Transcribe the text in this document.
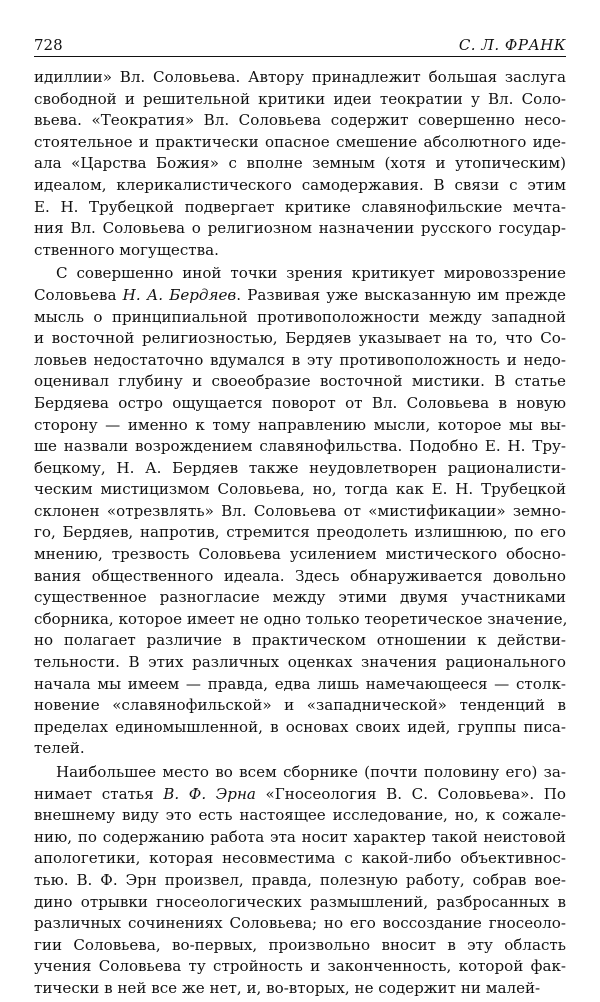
728	С. Л. ФРАНК
идиллии» Вл. Соловьева. Автору принадлежит большая заслуга
свободной и решительной критики идеи теократии у Вл. Соло-
вьева. «Теократия» Вл. Соловьева содержит совершенно несо-
стоятельное и практически опасное смешение абсолютного иде-
ала «Царства Божия» с вполне земным (хотя и утопическим)
идеалом, клерикалистического самодержавия. В связи с этим
Е. Н. Трубецкой подвергает критике славянофильские мечта-
ния Вл. Соловьева о религиозном назначении русского государ-
ственного могущества.
С совершенно иной точки зрения критикует мировоззрение
Соловьева Н. А. Бердяев. Развивая уже высказанную им прежде
мысль о принципиальной противоположности между западной
и восточной религиозностью, Бердяев указывает на то, что Со-
ловьев недостаточно вдумался в эту противоположность и недо-
оценивал глубину и своеобразие восточной мистики. В статье
Бердяева остро ощущается поворот от Вл. Соловьева в новую
сторону — именно к тому направлению мысли, которое мы вы-
ше назвали возрождением славянофильства. Подобно Е. Н. Тру-
бецкому, Н. А. Бердяев также неудовлетворен рационалисти-
ческим мистицизмом Соловьева, но, тогда как Е. Н. Трубецкой
склонен «отрезвлять» Вл. Соловьева от «мистификации» земно-
го, Бердяев, напротив, стремится преодолеть излишнюю, по его
мнению, трезвость Соловьева усилением мистического обосно-
вания общественного идеала. Здесь обнаруживается довольно
существенное разногласие между этими двумя участниками
сборника, которое имеет не одно только теоретическое значение,
но полагает различие в практическом отношении к действи-
тельности. В этих различных оценках значения рационального
начала мы имеем — правда, едва лишь намечающееся — столк-
новение «славянофильской» и «западнической» тенденций в
пределах единомышленной, в основах своих идей, группы писа-
телей.
Наибольшее место во всем сборнике (почти половину его) за-
нимает статья В. Ф. Эрна «Гносеология В. С. Соловьева». По
внешнему виду это есть настоящее исследование, но, к сожале-
нию, по содержанию работа эта носит характер такой неистовой
апологетики, которая несовместима с какой-либо объективнос-
тью. В. Ф. Эрн произвел, правда, полезную работу, собрав вое-
дино отрывки гносеологических размышлений, разбросанных в
различных сочинениях Соловьева; но его воссоздание гносеоло-
гии Соловьева, во-первых, произвольно вносит в эту область
учения Соловьева ту стройность и законченность, которой фак-
тически в ней все же нет, и, во-вторых, не содержит ни малей-
